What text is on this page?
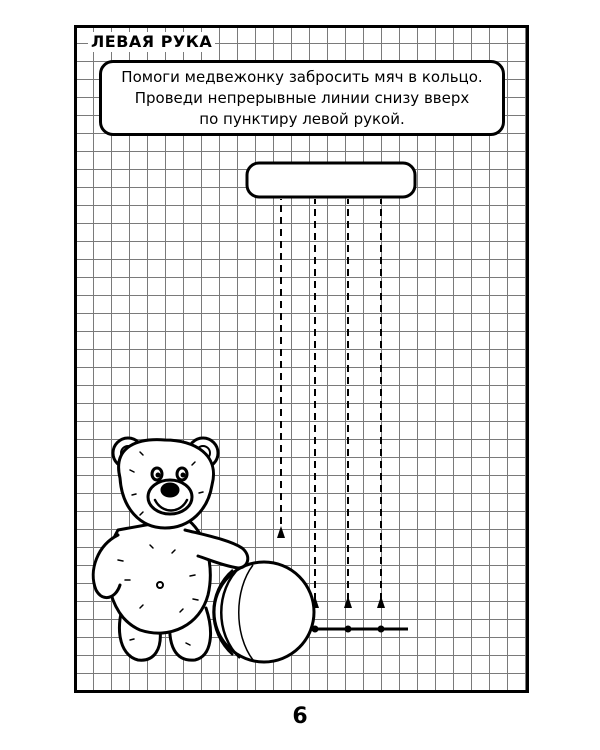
ЛЕВАЯ РУКА
Помоги медвежонку забросить мяч в кольцо.
Проведи непрерывные линии снизу вверх
по пунктиру левой рукой.
6
